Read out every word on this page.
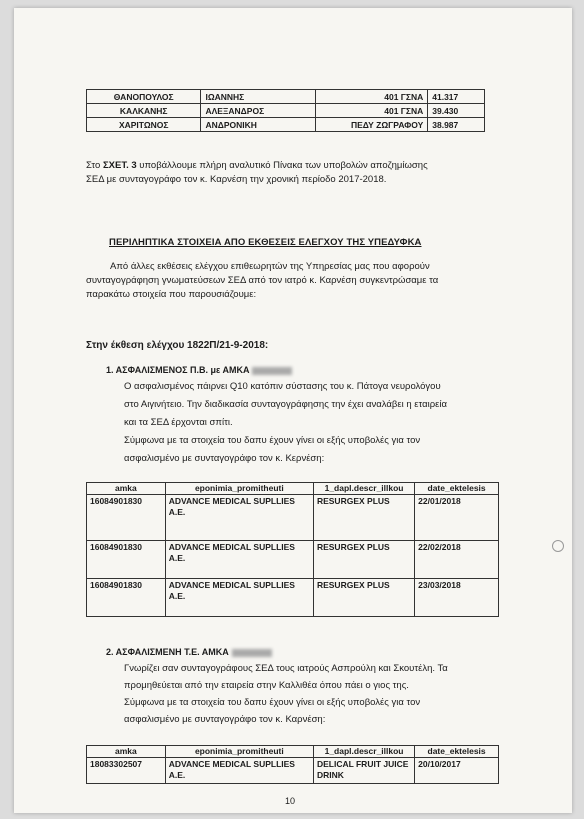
ΘΑΝΟΠΟΥΛΟΣ	ΙΩΑΝΝΗΣ	401 ΓΣΝΑ	41.317
ΚΑΛΚΑΝΗΣ	ΑΛΕΞΑΝΔΡΟΣ	401 ΓΣΝΑ	39.430
ΧΑΡΙΤΩΝΟΣ	ΑΝΔΡΟΝΙΚΗ	ΠΕΔΥ ΖΩΓΡΑΦΟΥ	38.987
Στο ΣΧΕΤ. 3 υποβάλλουμε πλήρη αναλυτικό Πίνακα των υποβολών αποζημίωσης
ΣΕΔ με συνταγογράφο τον κ. Καρνέση την χρονική περίοδο 2017-2018.
ΠΕΡΙΛΗΠΤΙΚΑ ΣΤΟΙΧΕΙΑ ΑΠΟ ΕΚΘΕΣΕΙΣ ΕΛΕΓΧΟΥ ΤΗΣ ΥΠΕΔΥΦΚΑ
Από άλλες εκθέσεις ελέγχου επιθεωρητών της Υπηρεσίας μας που αφορούν
συνταγογράφηση γνωματεύσεων ΣΕΔ από τον ιατρό κ. Καρνέση συγκεντρώσαμε τα
παρακάτω στοιχεία που παρουσιάζουμε:
Στην έκθεση ελέγχου 1822Π/21-9-2018:
1. ΑΣΦΑΛΙΣΜΕΝΟΣ Π.Β. με ΑΜΚΑ
Ο ασφαλισμένος πάιρνει Q10 κατόπιν σύστασης του κ. Πάτογα νευρολόγου
στο Αιγινήτειο. Την διαδικασία συνταγογράφησης την έχει αναλάβει η εταιρεία
και τα ΣΕΔ έρχονται σπίτι.
Σύμφωνα με τα στοιχεία του δαπυ έχουν γίνει οι εξής υποβολές για τον
ασφαλισμένο με συνταγογράφο τον κ. Κερνέση:
amka	eponimia_promitheuti	1_dapl.descr_illkou	date_ektelesis
16084901830	ADVANCE MEDICAL SUPLLIES A.E.	RESURGEX PLUS	22/01/2018
16084901830	ADVANCE MEDICAL SUPLLIES A.E.	RESURGEX PLUS	22/02/2018
16084901830	ADVANCE MEDICAL SUPLLIES A.E.	RESURGEX PLUS	23/03/2018
2. ΑΣΦΑΛΙΣΜΕΝΗ Τ.Ε. ΑΜΚΑ
Γνωρίζει σαν συνταγογράφους ΣΕΔ τους ιατρούς Ασπρούλη και Σκουτέλη. Τα
προμηθεύεται από την εταιρεία στην Καλλιθέα όπου πάει ο γιος της.
Σύμφωνα με τα στοιχεία του δαπυ έχουν γίνει οι εξής υποβολές για τον
ασφαλισμένο με συνταγογράφο τον κ. Καρνέση:
amka	eponimia_promitheuti	1_dapl.descr_illkou	date_ektelesis
18083302507	ADVANCE MEDICAL SUPLLIES A.E.	DELICAL FRUIT JUICE DRINK	20/10/2017
10
